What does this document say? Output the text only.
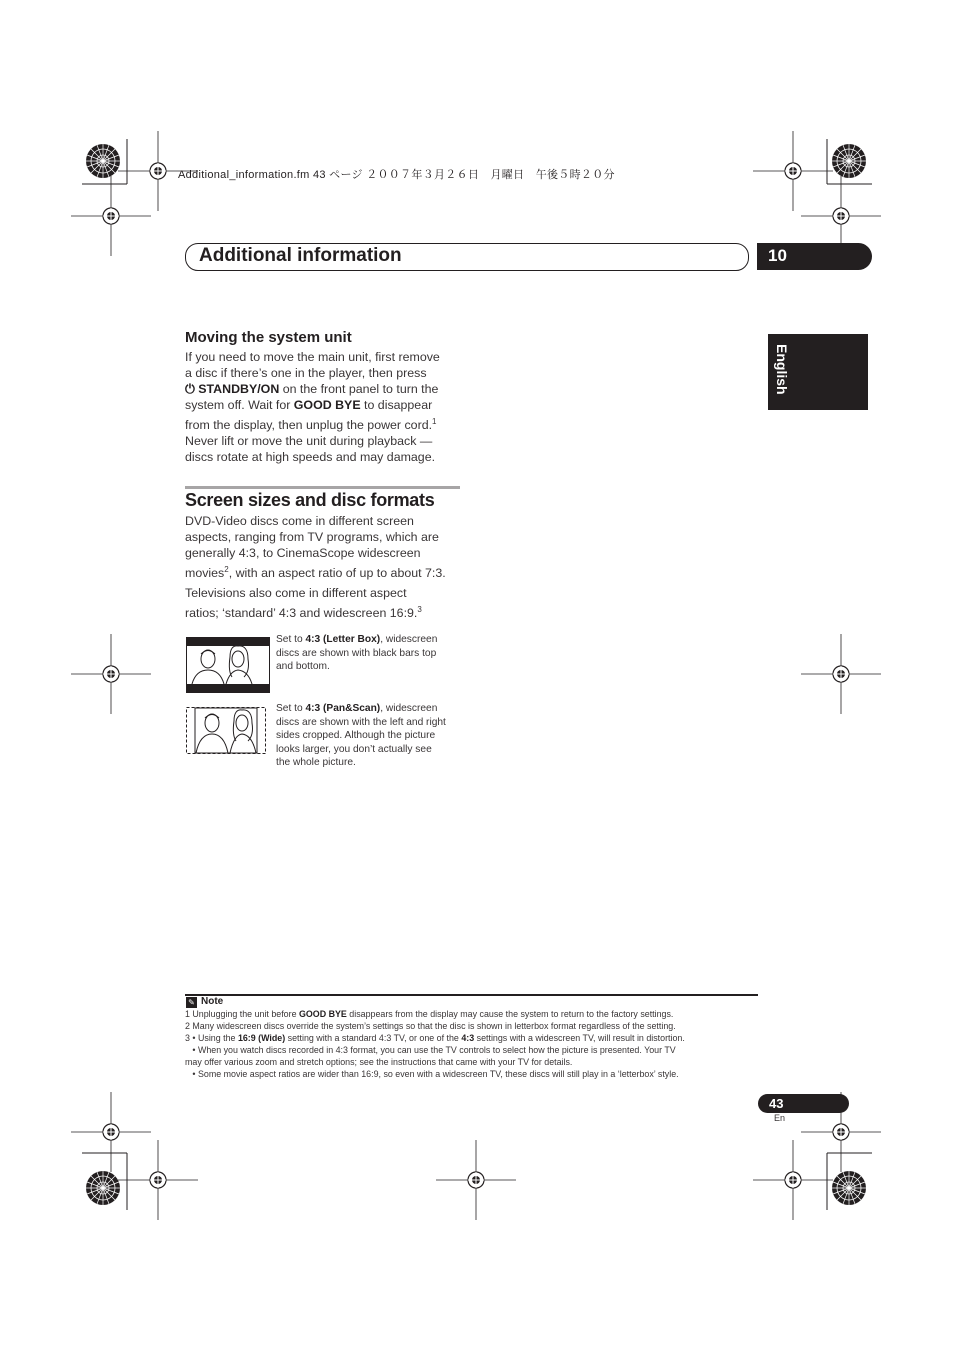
Additional_information.fm 43 ページ ２００７年３月２６日　月曜日　午後５時２０分
Additional information	10
English
Moving the system unit
If you need to move the main unit, first remove
a disc if there’s one in the player, then press
⏻ STANDBY/ON on the front panel to turn the
system off. Wait for GOOD BYE to disappear
from the display, then unplug the power cord.$^1$
Never lift or move the unit during playback —
discs rotate at high speeds and may damage.
Screen sizes and disc formats
DVD-Video discs come in different screen
aspects, ranging from TV programs, which are
generally 4:3, to CinemaScope widescreen
movies$^2$, with an aspect ratio of up to about 7:3.
Televisions also come in different aspect
ratios; ‘standard’ 4:3 and widescreen 16:9.$^3$
Set to 4:3 (Letter Box), widescreen
discs are shown with black bars top
and bottom.
Set to 4:3 (Pan&Scan), widescreen
discs are shown with the left and right
sides cropped. Although the picture
looks larger, you don’t actually see
the whole picture.
✎ Note
1 Unplugging the unit before GOOD BYE disappears from the display may cause the system to return to the factory settings.
2 Many widescreen discs override the system’s settings so that the disc is shown in letterbox format regardless of the setting.
3 • Using the 16:9 (Wide) setting with a standard 4:3 TV, or one of the 4:3 settings with a widescreen TV, will result in distortion.
• When you watch discs recorded in 4:3 format, you can use the TV controls to select how the picture is presented. Your TV
may offer various zoom and stretch options; see the instructions that came with your TV for details.
• Some movie aspect ratios are wider than 16:9, so even with a widescreen TV, these discs will still play in a ‘letterbox’ style.
43
En
